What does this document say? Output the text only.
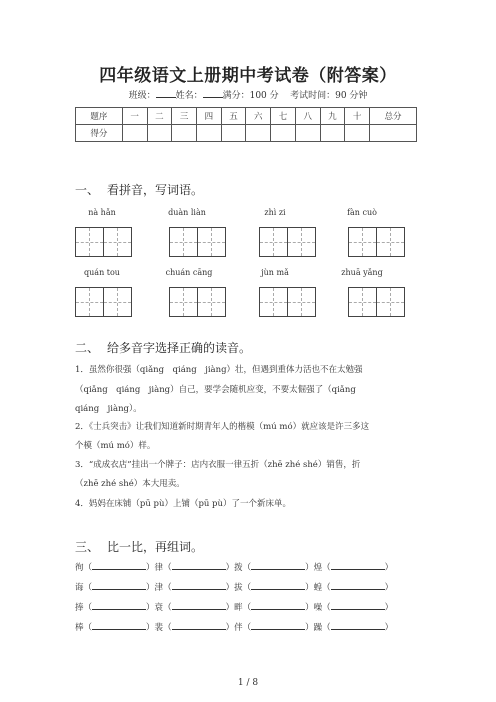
四年级语文上册期中考试卷（附答案）
班级： 姓名： 满分：100 分 考试时间：90 分钟
题序	一	二	三	四	五	六	七	八	九	十	总分
得分											
一、 看拼音，写词语。
nà hǎn	duàn liàn	zhì zi	fàn cuò
quán tou	chuán cāng	jùn mǎ	zhuā yǎng
二、 给多音字选择正确的读音。
1．虽然你很强（qiǎng　qiáng　jiàng）壮，但遇到重体力活也不在太勉强
（qiǎng　qiáng　jiàng）自己，要学会随机应变，不要太倔强了（qiǎng
qiáng　jiàng）。
2．《士兵突击》让我们知道新时期青年人的楷模（mú mó）就应该是许三多这
个模（mú mó）样。
3．“成成衣店”挂出一个牌子：店内衣服一律五折（zhē zhé shé）销售，折
（zhē zhé shé）本大甩卖。
4．妈妈在床铺（pū pù）上铺（pū pù）了一个新床单。
三、 比一比，再组词。
徇（	）律（	）拨（	）煌（	）
诲（	）津（	）拔（	）蝗（	）
捧（	）衰（	）畔（	）噪（	）
棒（	）裴（	）伴（	）躁（	）
1 / 8
